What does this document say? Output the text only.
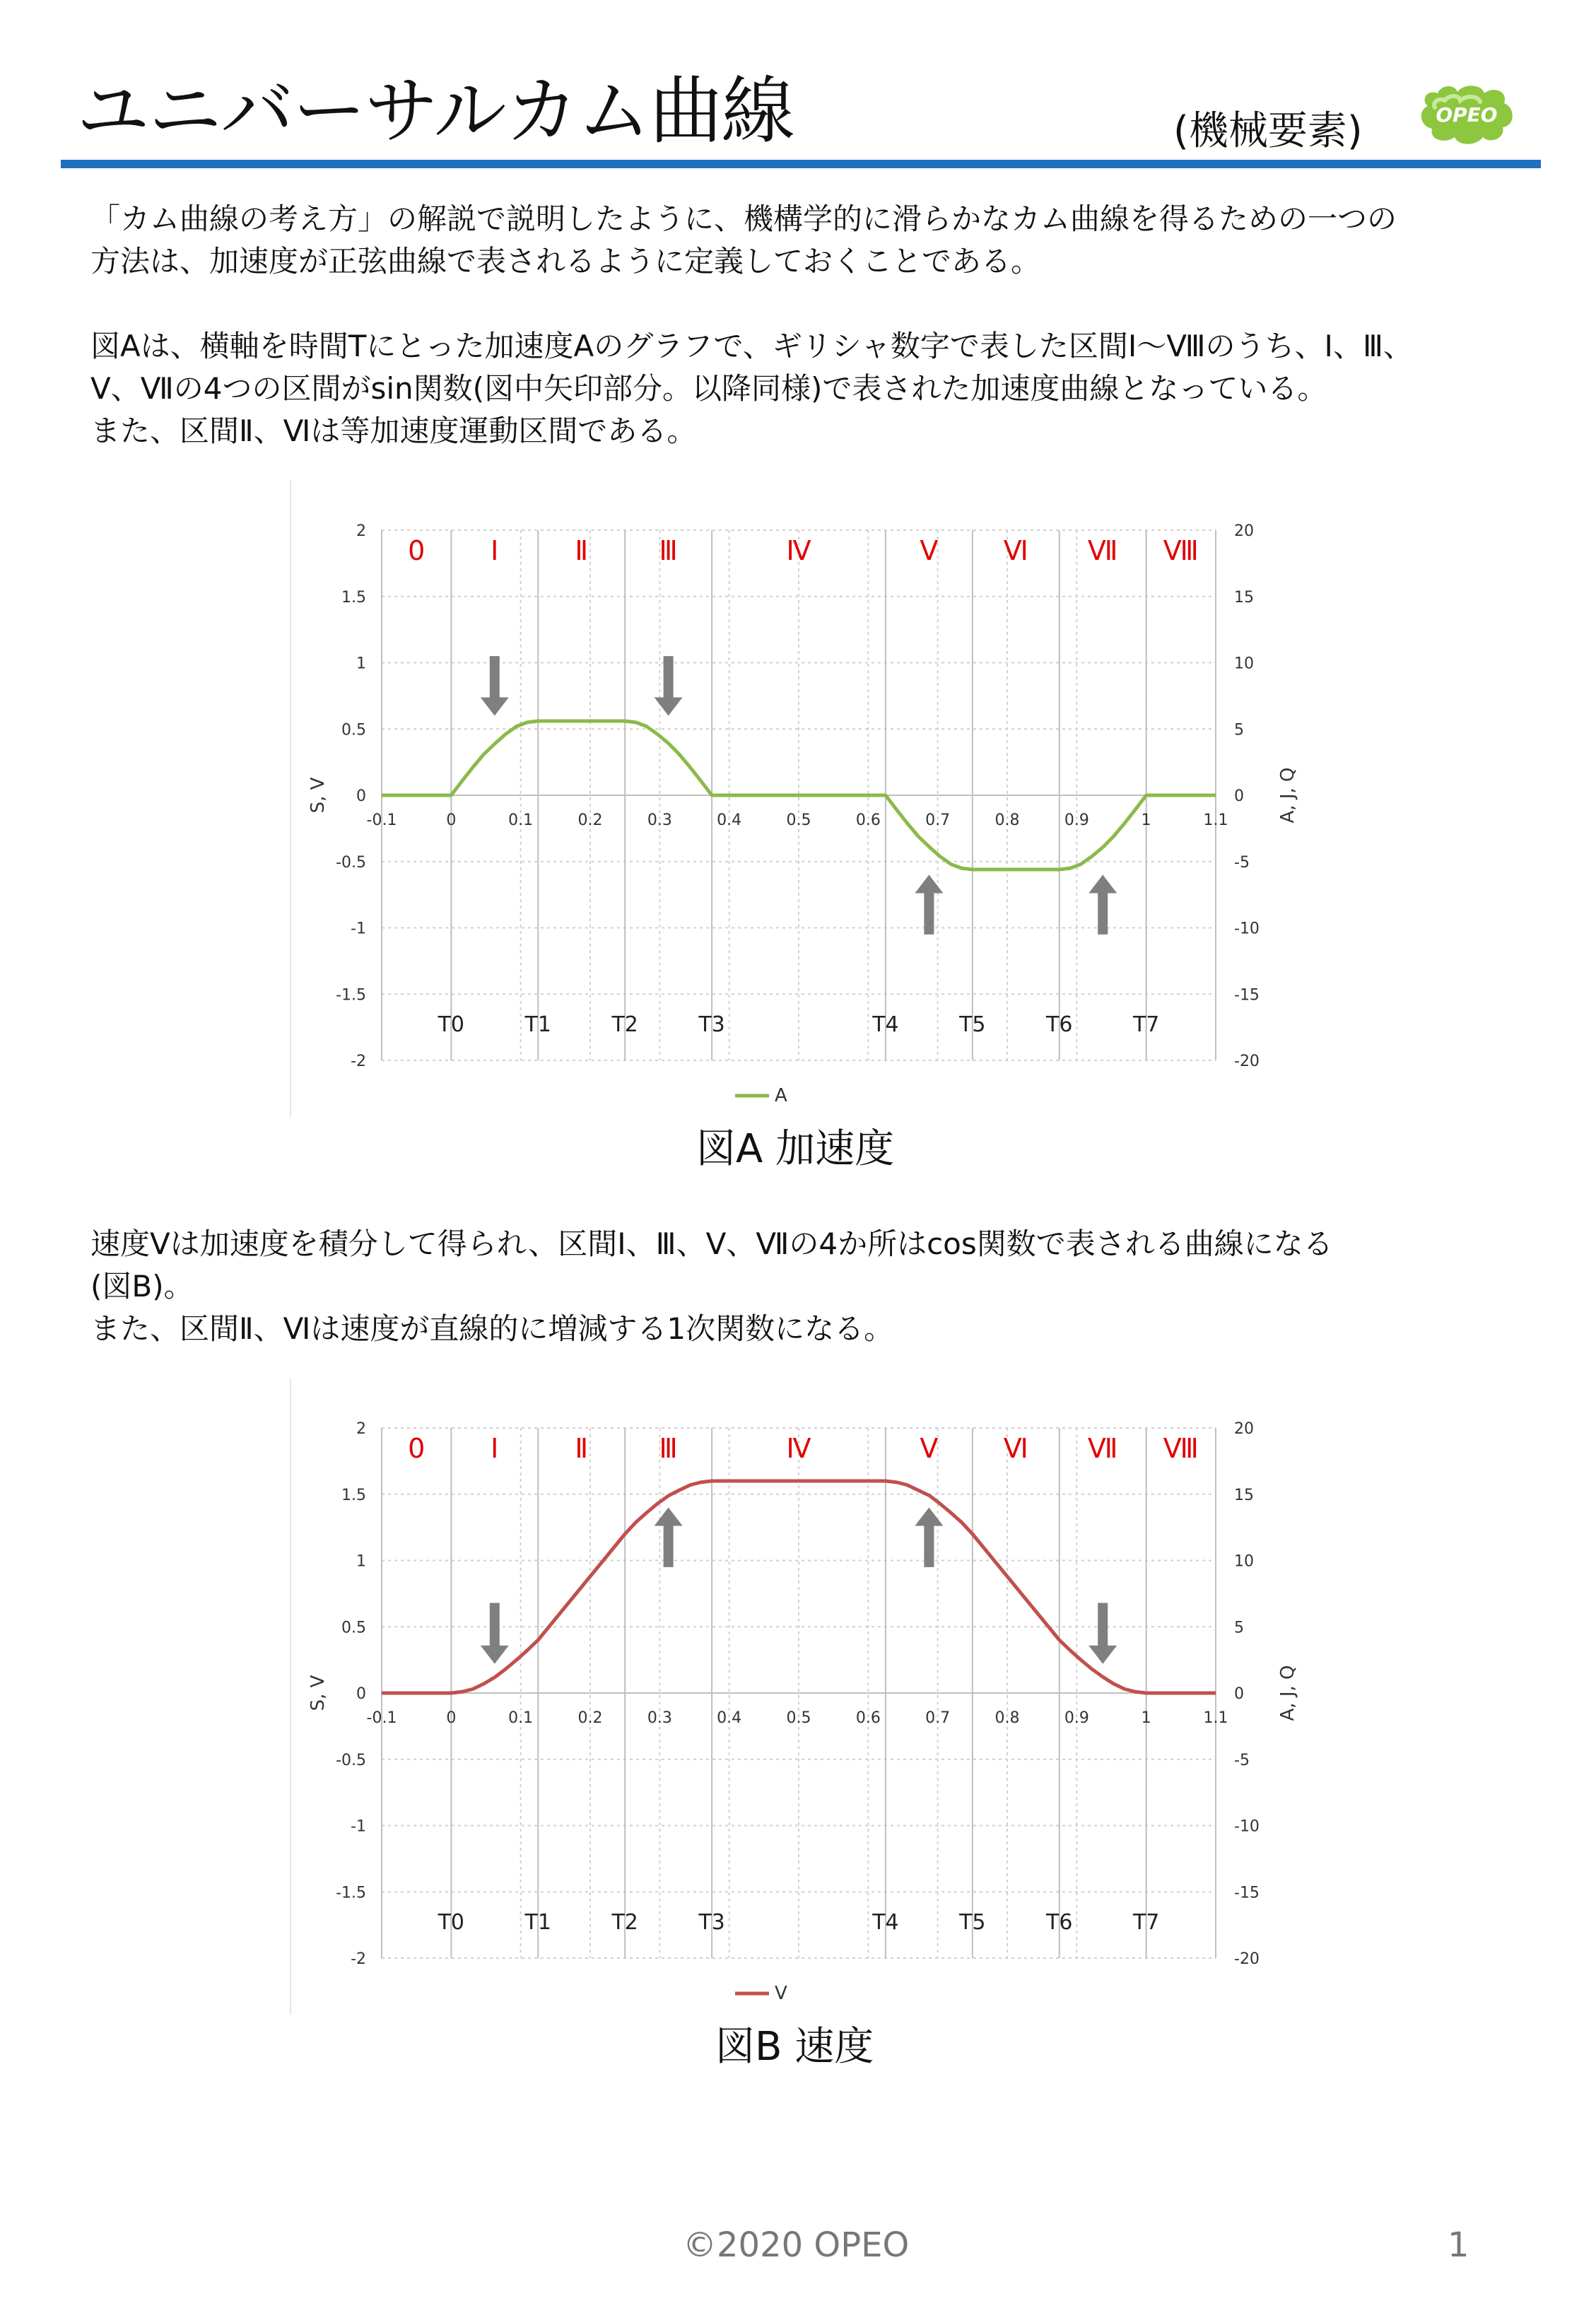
ユニバーサルカム曲線	(機械要素)	OPEO
「カム曲線の考え方」の解説で説明したように、機構学的に滑らかなカム曲線を得るための一つの
方法は、加速度が正弦曲線で表されるように定義しておくことである。
図Aは、横軸を時間Tにとった加速度Aのグラフで、ギリシャ数字で表した区間Ⅰ～Ⅷのうち、Ⅰ、Ⅲ、
Ⅴ、Ⅶの4つの区間がsin関数(図中矢印部分。以降同様)で表された加速度曲線となっている。
また、区間Ⅱ、Ⅵは等加速度運動区間である。
-0.1	0	0.1	0.2	0.3	0.4	0.5	0.6	0.7	0.8	0.9	1	1.1
2
1.5
1
0.5
0
-0.5
-1
-1.5
-2
20
15
10
5
0
-5
-10
-15
-20
S, V	A, J, Q
0 Ⅰ	Ⅱ	Ⅲ	Ⅳ	Ⅴ Ⅵ Ⅶ Ⅷ
T0	T1	T2	T3	T4	T5	T6	T7
A
図A 加速度
速度Vは加速度を積分して得られ、区間Ⅰ、Ⅲ、Ⅴ、Ⅶの4か所はcos関数で表される曲線になる
(図B)。
また、区間Ⅱ、Ⅵは速度が直線的に増減する1次関数になる。
-0.1	0	0.1	0.2	0.3	0.4	0.5	0.6	0.7	0.8	0.9	1	1.1
2
1.5
1
0.5
0
-0.5
-1
-1.5
-2
20
15
10
5
0
-5
-10
-15
-20
S, V	A, J, Q
0 Ⅰ	Ⅱ	Ⅲ	Ⅳ	Ⅴ Ⅵ Ⅶ Ⅷ
T0	T1	T2	T3	T4	T5	T6	T7
V
図B 速度
©2020 OPEO	1
